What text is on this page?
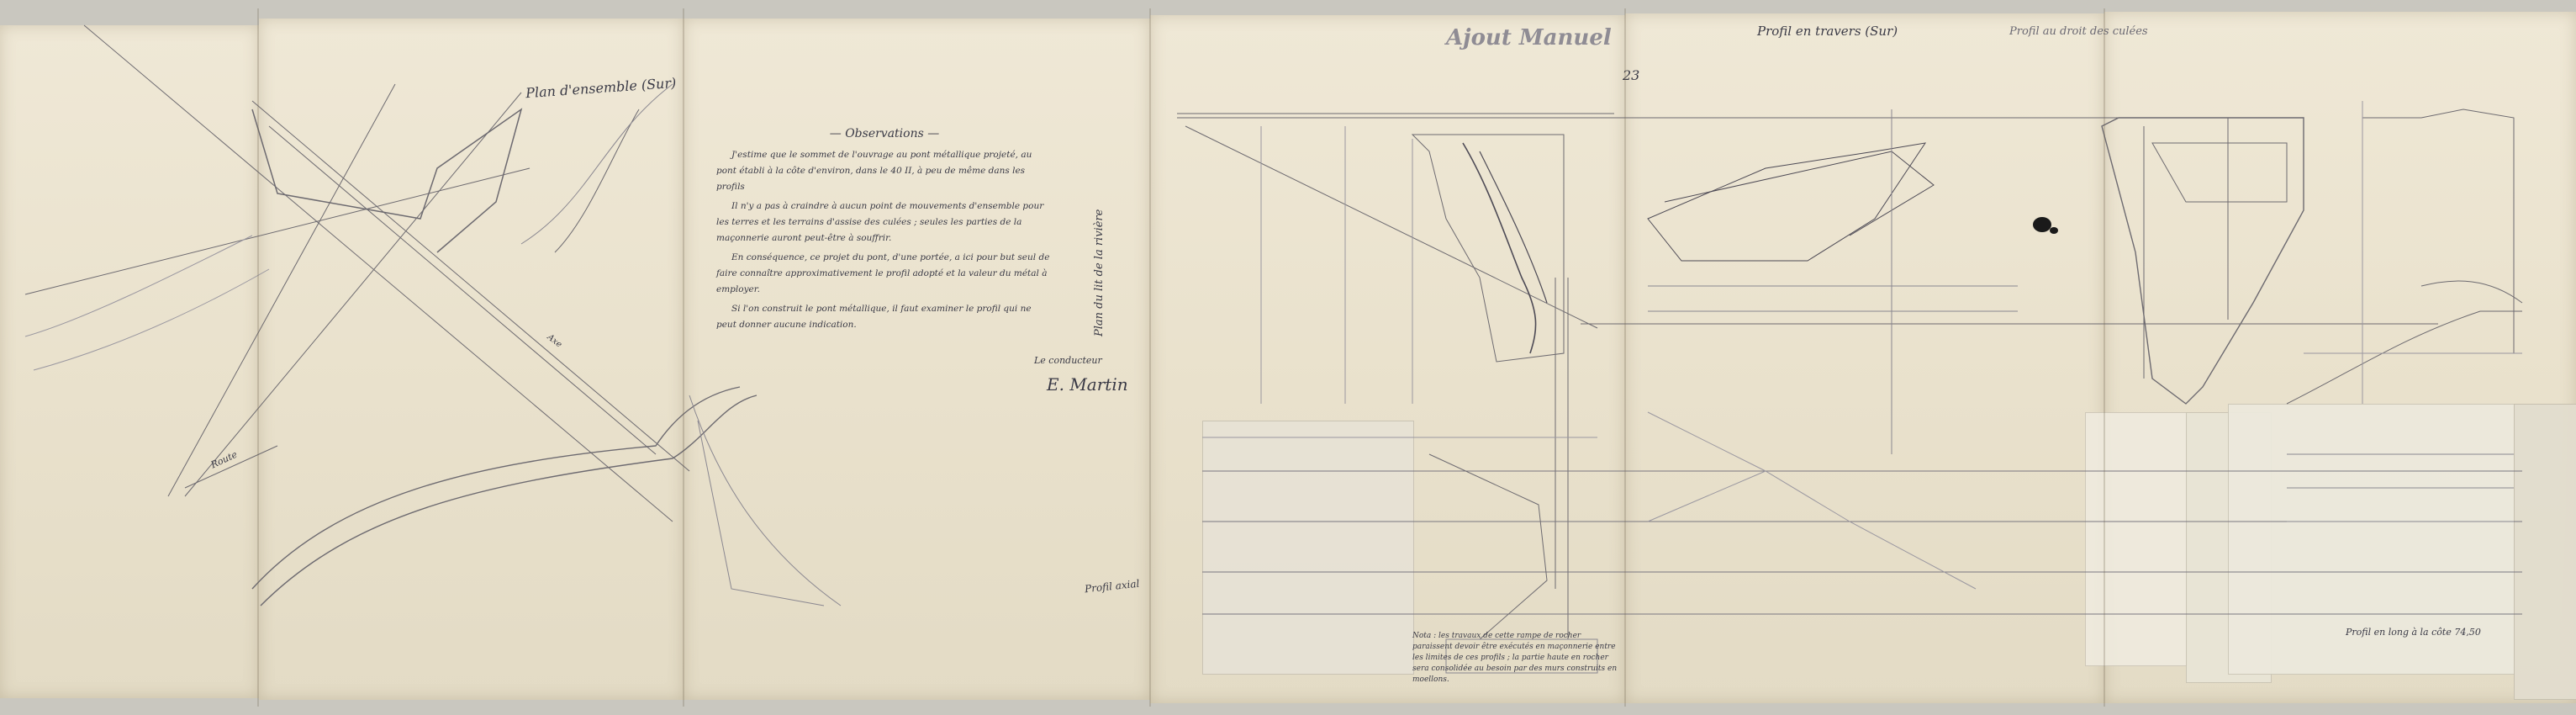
Plan d'ensemble (Sur)
Route
Profil axial
Axe
— Observations —

J'estime que le sommet de l'ouvrage au pont métallique projeté, au pont établi à la côte d'environ, dans le 40 II, à peu de même dans les profils

Il n'y a pas à craindre à aucun point de mouvements d'ensemble pour les terres et les terrains d'assise des culées ; seules les parties de la maçonnerie auront peut-être à souffrir.

En conséquence, ce projet du pont, d'une portée, a ici pour but seul de faire connaître approximativement le profil adopté et la valeur du métal à employer.

Si l'on construit le pont métallique, il faut examiner le profil qui ne peut donner aucune indication.

Le conducteur
E. Martin
Plan du lit de la rivière
Nota : les travaux de cette rampe de rocher paraissent devoir être exécutés en maçonnerie entre les limites de ces profils ; la partie haute en rocher sera consolidée au besoin par des murs construits en moellons.
Profil en travers (Sur)
Ajout Manuel
23
Profil au droit des culées
Profil en long à la côte 74,50
